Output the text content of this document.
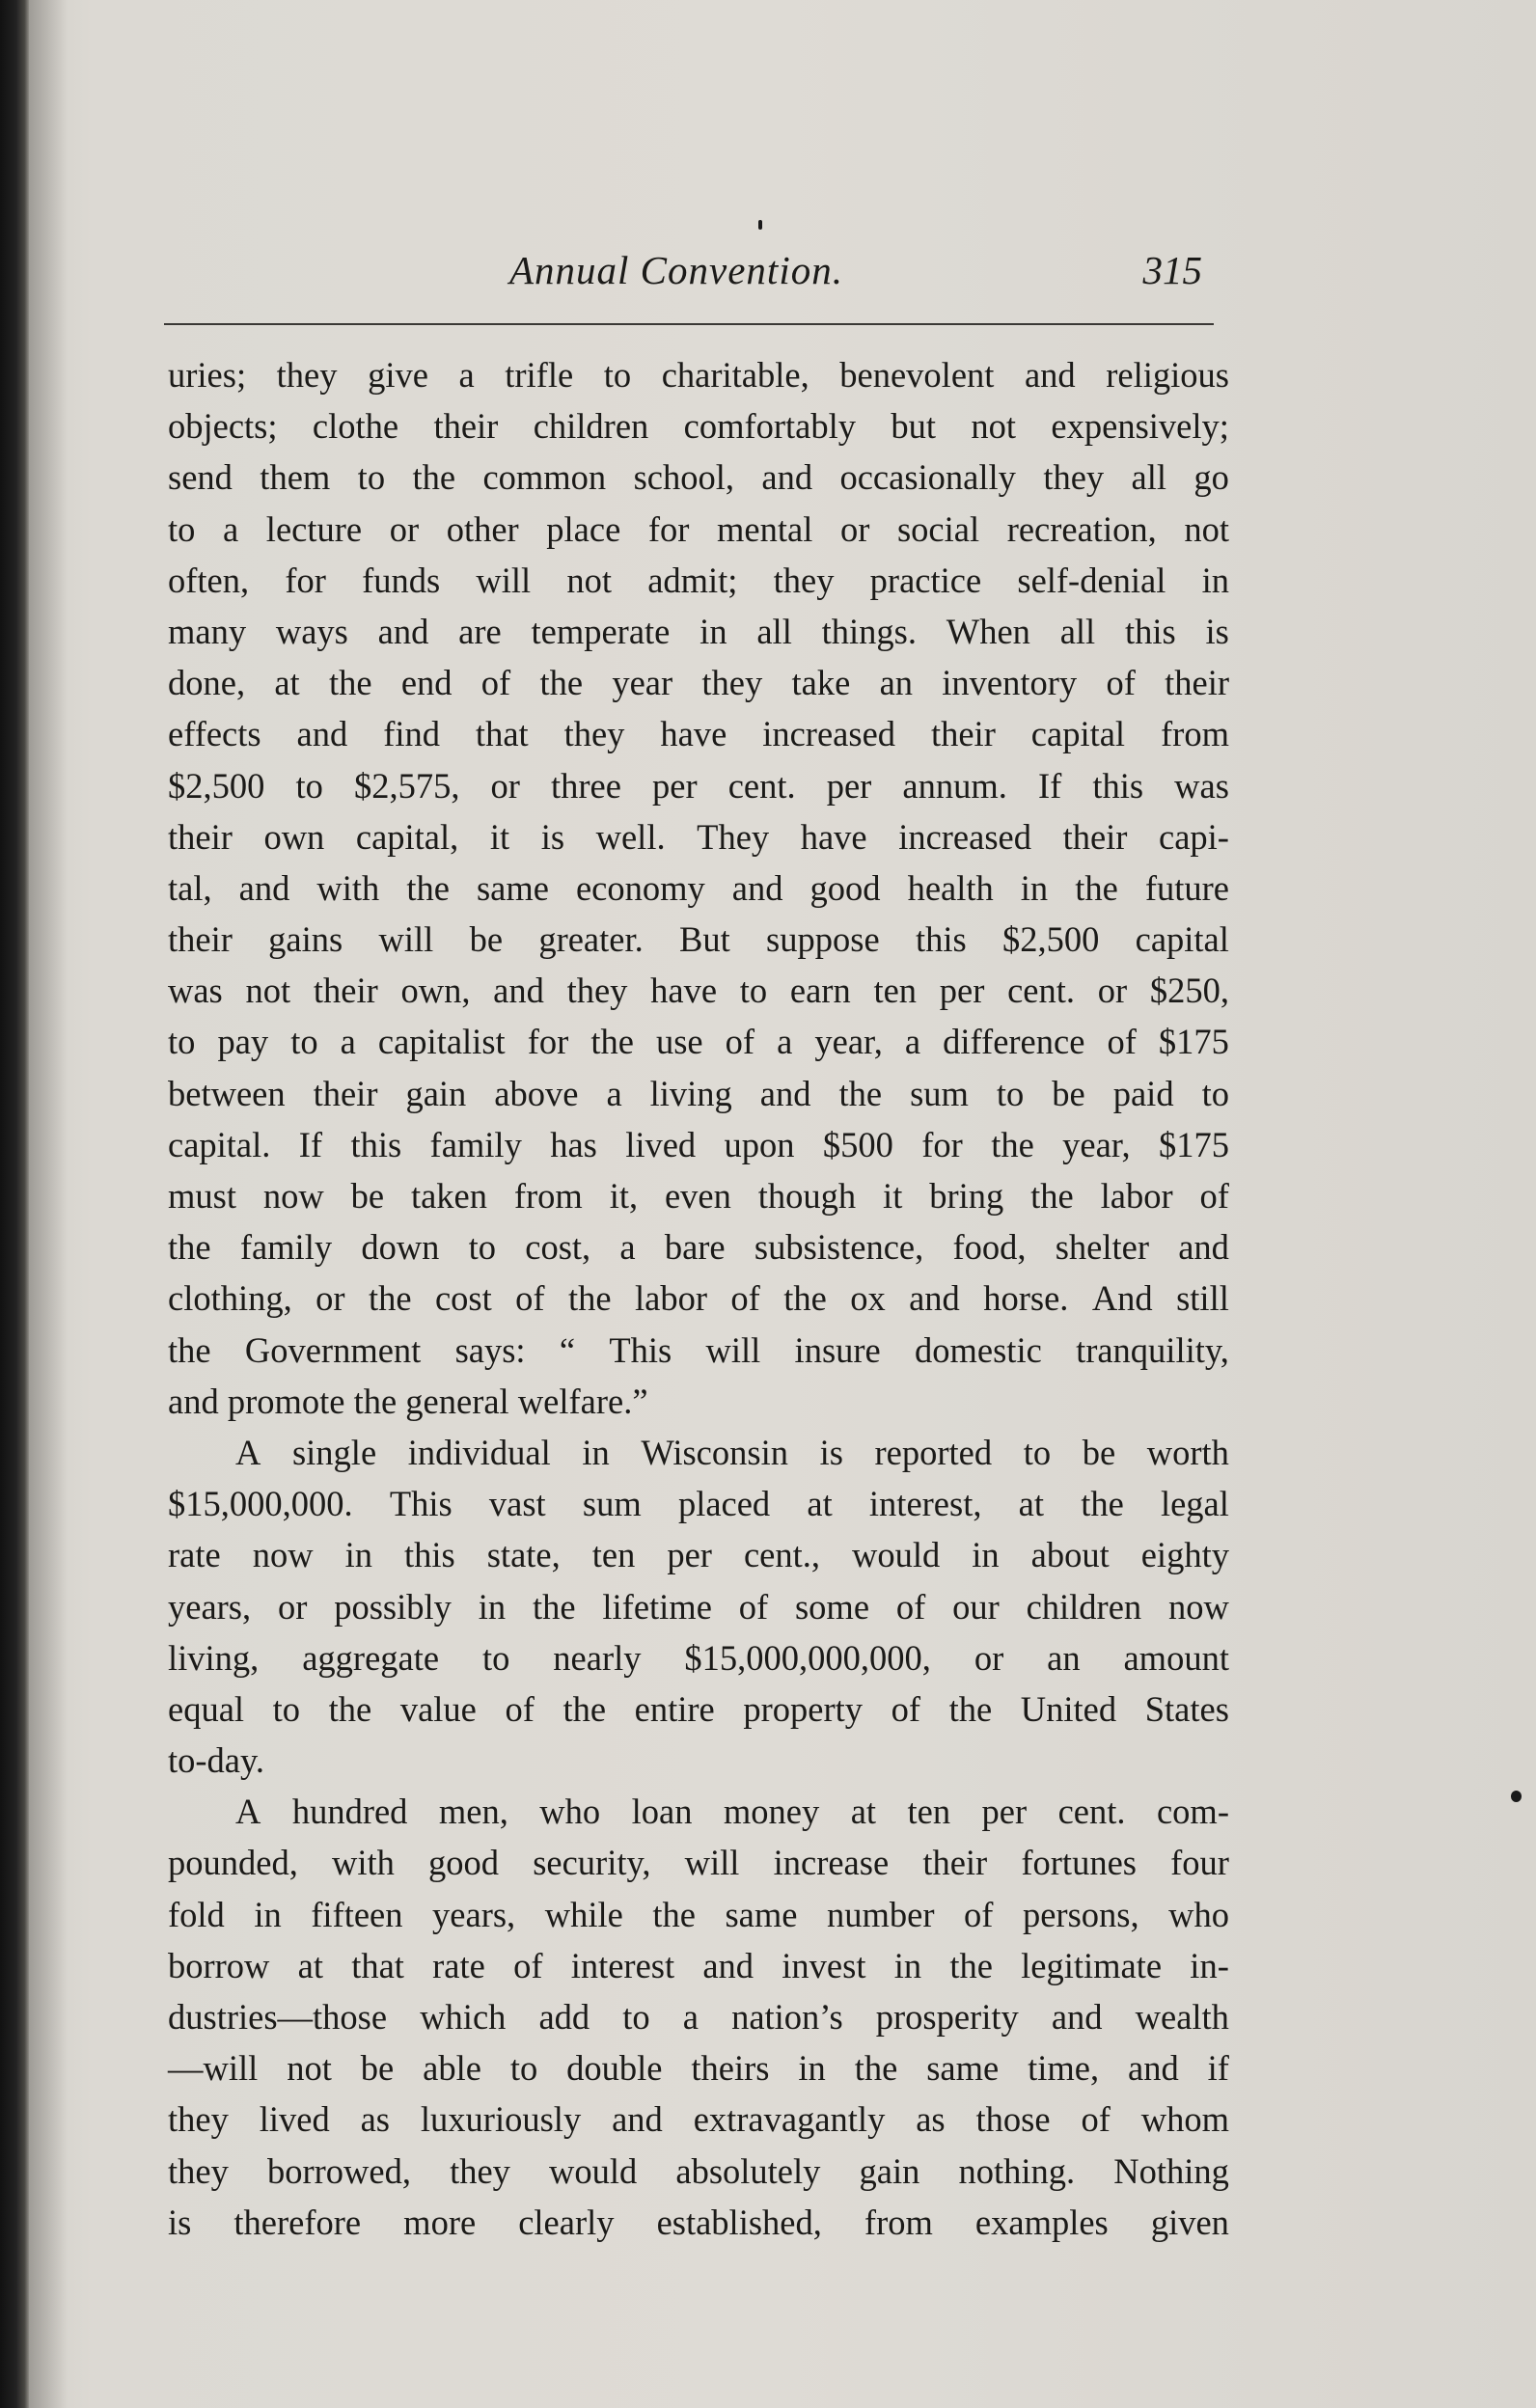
Annual Convention.	315
uries; they give a trifle to charitable, benevolent and religious
objects; clothe their children comfortably but not expensively;
send them to the common school, and occasionally they all go
to a lecture or other place for mental or social recreation, not
often, for funds will not admit; they practice self-denial in
many ways and are temperate in all things. When all this is
done, at the end of the year they take an inventory of their
effects and find that they have increased their capital from
$2,500 to $2,575, or three per cent. per annum. If this was
their own capital, it is well. They have increased their capi-
tal, and with the same economy and good health in the future
their gains will be greater. But suppose this $2,500 capital
was not their own, and they have to earn ten per cent. or $250,
to pay to a capitalist for the use of a year, a difference of $175
between their gain above a living and the sum to be paid to
capital. If this family has lived upon $500 for the year, $175
must now be taken from it, even though it bring the labor of
the family down to cost, a bare subsistence, food, shelter and
clothing, or the cost of the labor of the ox and horse. And still
the Government says: “ This will insure domestic tranquility,
and promote the general welfare.”
A single individual in Wisconsin is reported to be worth
$15,000,000. This vast sum placed at interest, at the legal
rate now in this state, ten per cent., would in about eighty
years, or possibly in the lifetime of some of our children now
living, aggregate to nearly $15,000,000,000, or an amount
equal to the value of the entire property of the United States
to-day.
A hundred men, who loan money at ten per cent. com-
pounded, with good security, will increase their fortunes four
fold in fifteen years, while the same number of persons, who
borrow at that rate of interest and invest in the legitimate in-
dustries—those which add to a nation’s prosperity and wealth
—will not be able to double theirs in the same time, and if
they lived as luxuriously and extravagantly as those of whom
they borrowed, they would absolutely gain nothing. Nothing
is therefore more clearly established, from examples given
